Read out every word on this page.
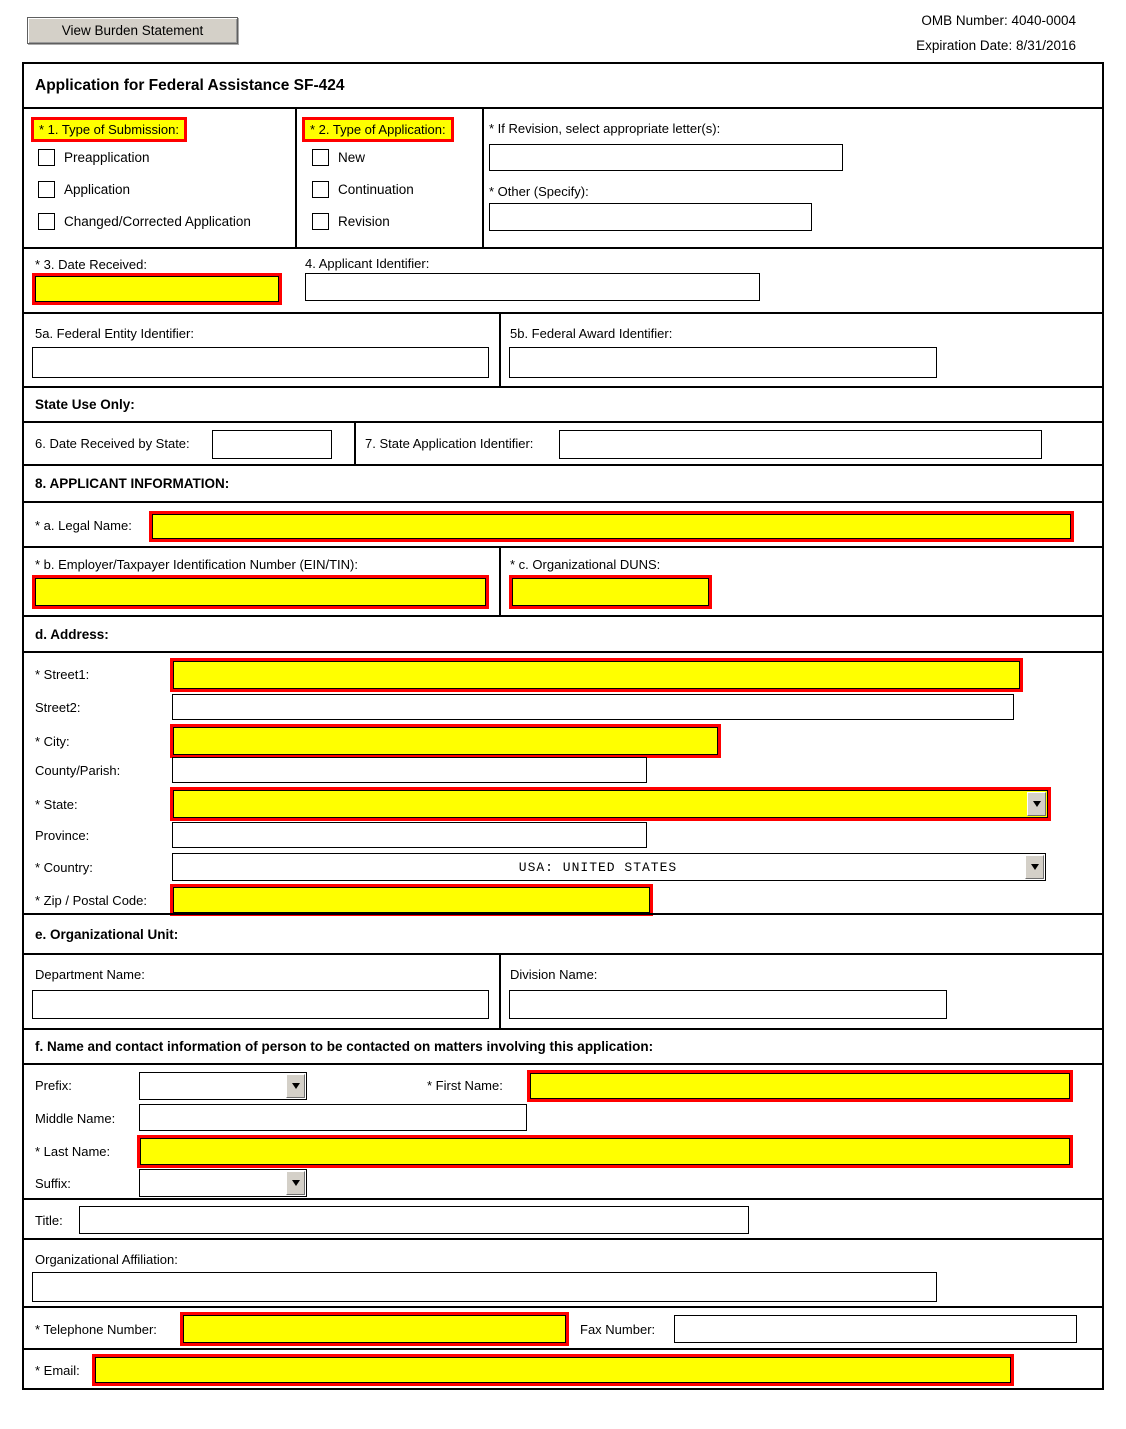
View Burden Statement
OMB Number: 4040-0004
Expiration Date: 8/31/2016
Application for Federal Assistance SF-424
* 1. Type of Submission:
Preapplication
Application
Changed/Corrected Application
* 2. Type of Application:
New
Continuation
Revision
* If Revision, select appropriate letter(s):
* Other (Specify):
* 3. Date Received:	4. Applicant Identifier:
5a. Federal Entity Identifier:	5b. Federal Award Identifier:
State Use Only:
6. Date Received by State:	7. State Application Identifier:
8. APPLICANT INFORMATION:
* a. Legal Name:
* b. Employer/Taxpayer Identification Number (EIN/TIN):	* c. Organizational DUNS:
d. Address:
* Street1:
Street2:
* City:
County/Parish:
* State:
Province:
* Country:	USA: UNITED STATES
* Zip / Postal Code:
e. Organizational Unit:
Department Name:	Division Name:
f. Name and contact information of person to be contacted on matters involving this application:
Prefix:	* First Name:
Middle Name:
* Last Name:
Suffix:
Title:
Organizational Affiliation:
* Telephone Number:	Fax Number:
* Email:
